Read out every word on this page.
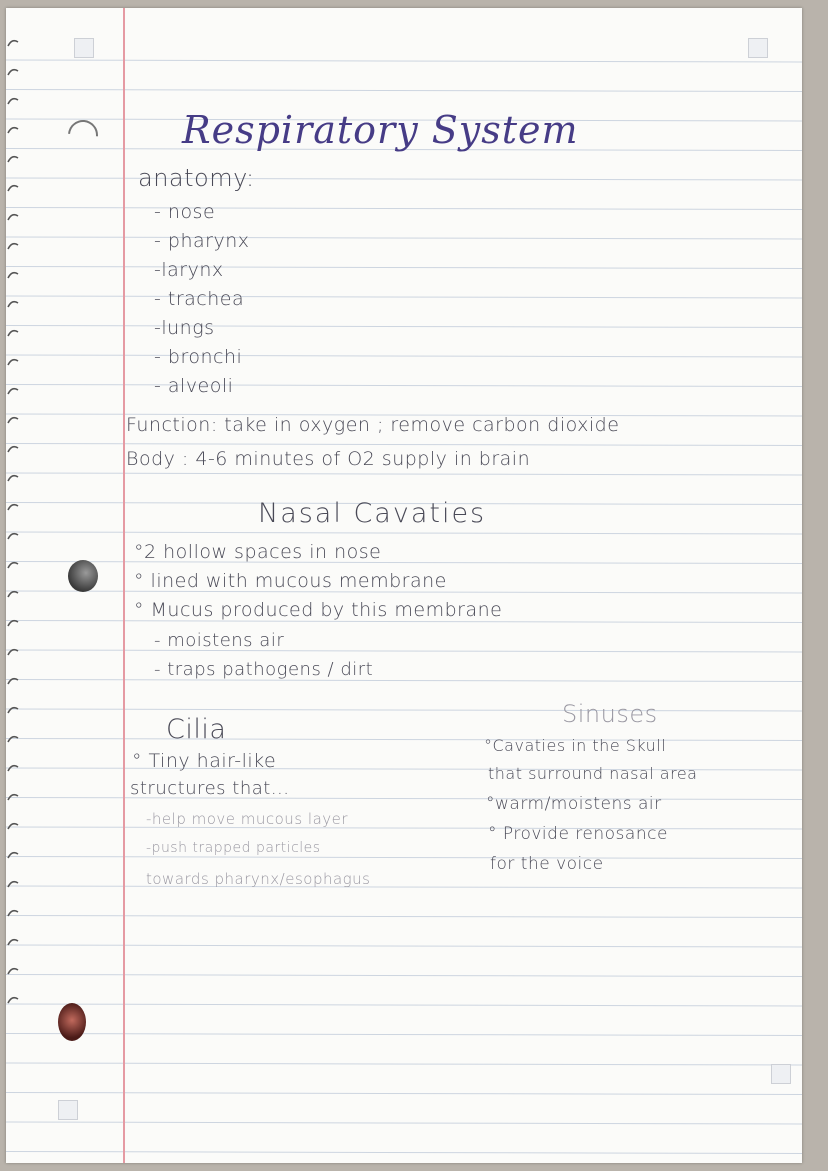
Respiratory System
anatomy:
- nose
- pharynx
-larynx
- trachea
-lungs
- bronchi
- alveoli
Function: take in oxygen ; remove carbon dioxide
Body : 4-6 minutes of O2 supply in brain
Nasal Cavaties
°2 hollow spaces in nose
° lined with mucous membrane
° Mucus produced by this membrane
- moistens air
- traps pathogens / dirt
Cilia
° Tiny hair-like
structures that...
-help move mucous layer
-push trapped particles
towards pharynx/esophagus
Sinuses
°Cavaties in the Skull
that surround nasal area
°warm/moistens air
° Provide renosance
for the voice
